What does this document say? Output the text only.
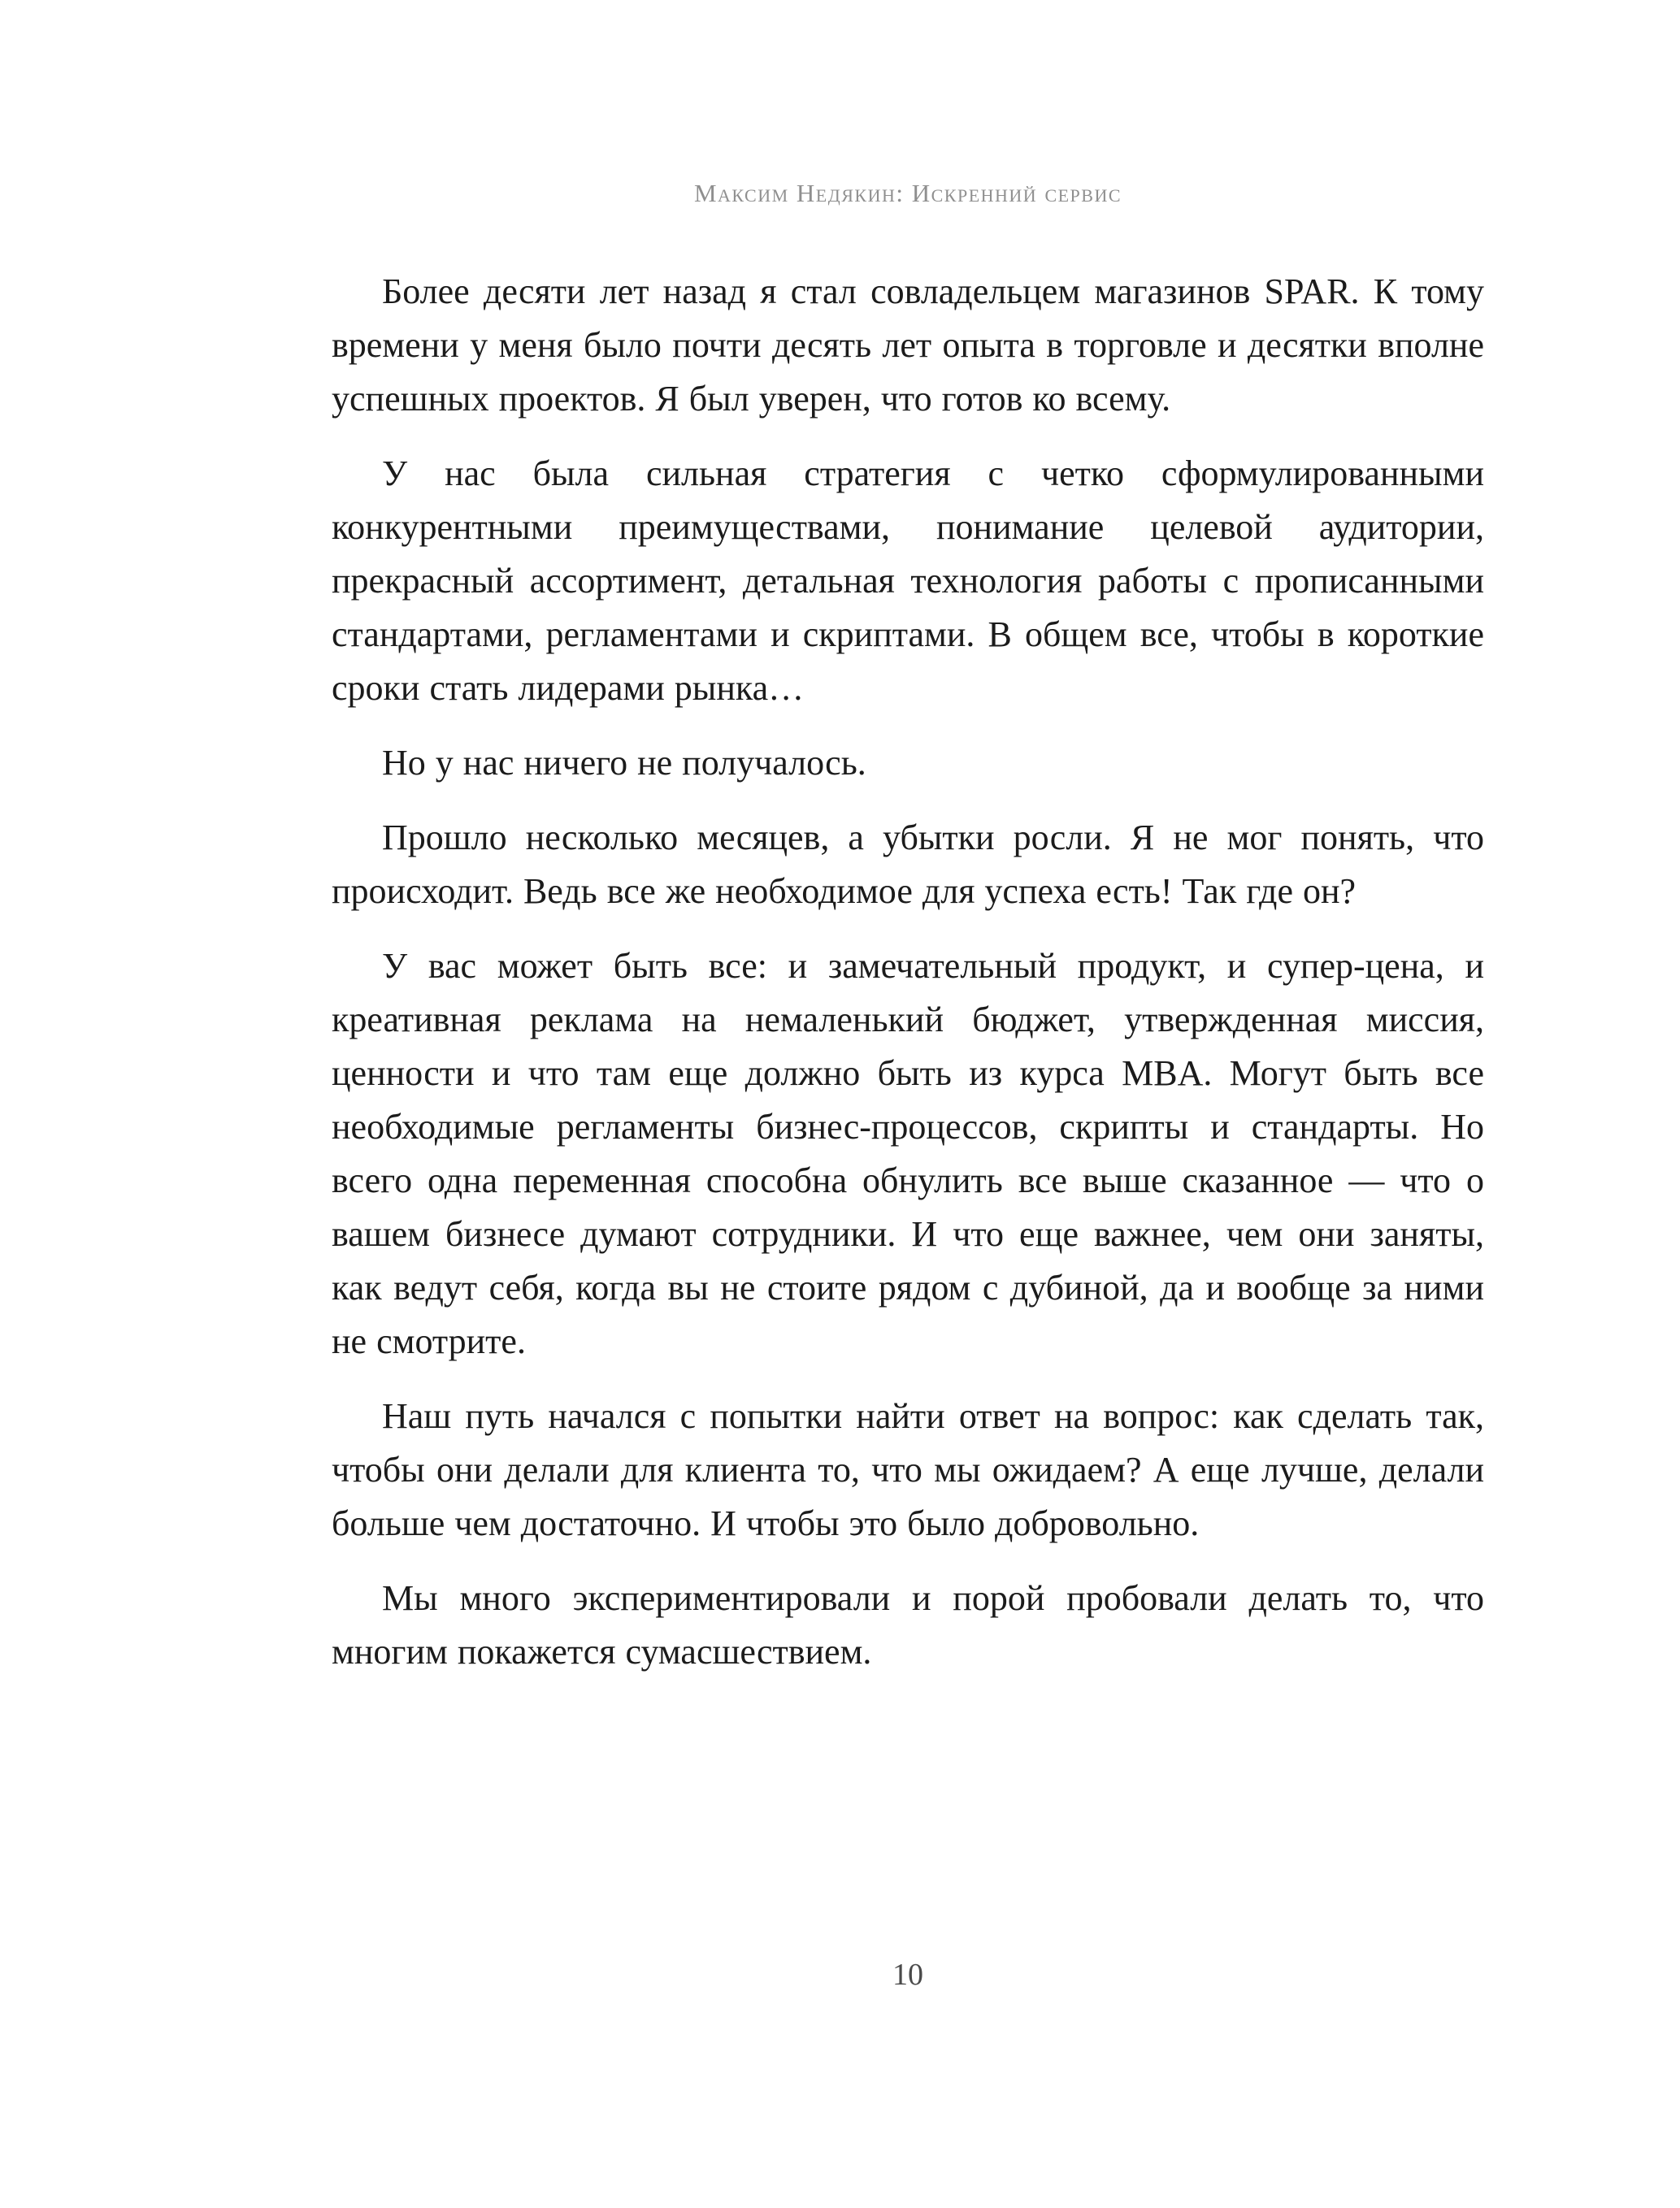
Максим Недякин: Искренний сервис

Более десяти лет назад я стал совладельцем магазинов SPAR. К тому времени у меня было почти десять лет опыта в торговле и десятки вполне успешных проектов. Я был уверен, что готов ко всему.

У нас была сильная стратегия с четко сформулированными конкурентными преимуществами, понимание целевой аудитории, прекрасный ассортимент, детальная технология работы с прописанными стандартами, регламентами и скриптами. В общем все, чтобы в короткие сроки стать лидерами рынка…

Но у нас ничего не получалось.

Прошло несколько месяцев, а убытки росли. Я не мог понять, что происходит. Ведь все же необходимое для успеха есть! Так где он?

У вас может быть все: и замечательный продукт, и супер-цена, и креативная реклама на немаленький бюджет, утвержденная миссия, ценности и что там еще должно быть из курса MBA. Могут быть все необходимые регламенты бизнес-процессов, скрипты и стандарты. Но всего одна переменная способна обнулить все выше сказанное — что о вашем бизнесе думают сотрудники. И что еще важнее, чем они заняты, как ведут себя, когда вы не стоите рядом с дубиной, да и вообще за ними не смотрите.

Наш путь начался с попытки найти ответ на вопрос: как сделать так, чтобы они делали для клиента то, что мы ожидаем? А еще лучше, делали больше чем достаточно. И чтобы это было добровольно.

Мы много экспериментировали и порой пробовали делать то, что многим покажется сумасшествием.

10
